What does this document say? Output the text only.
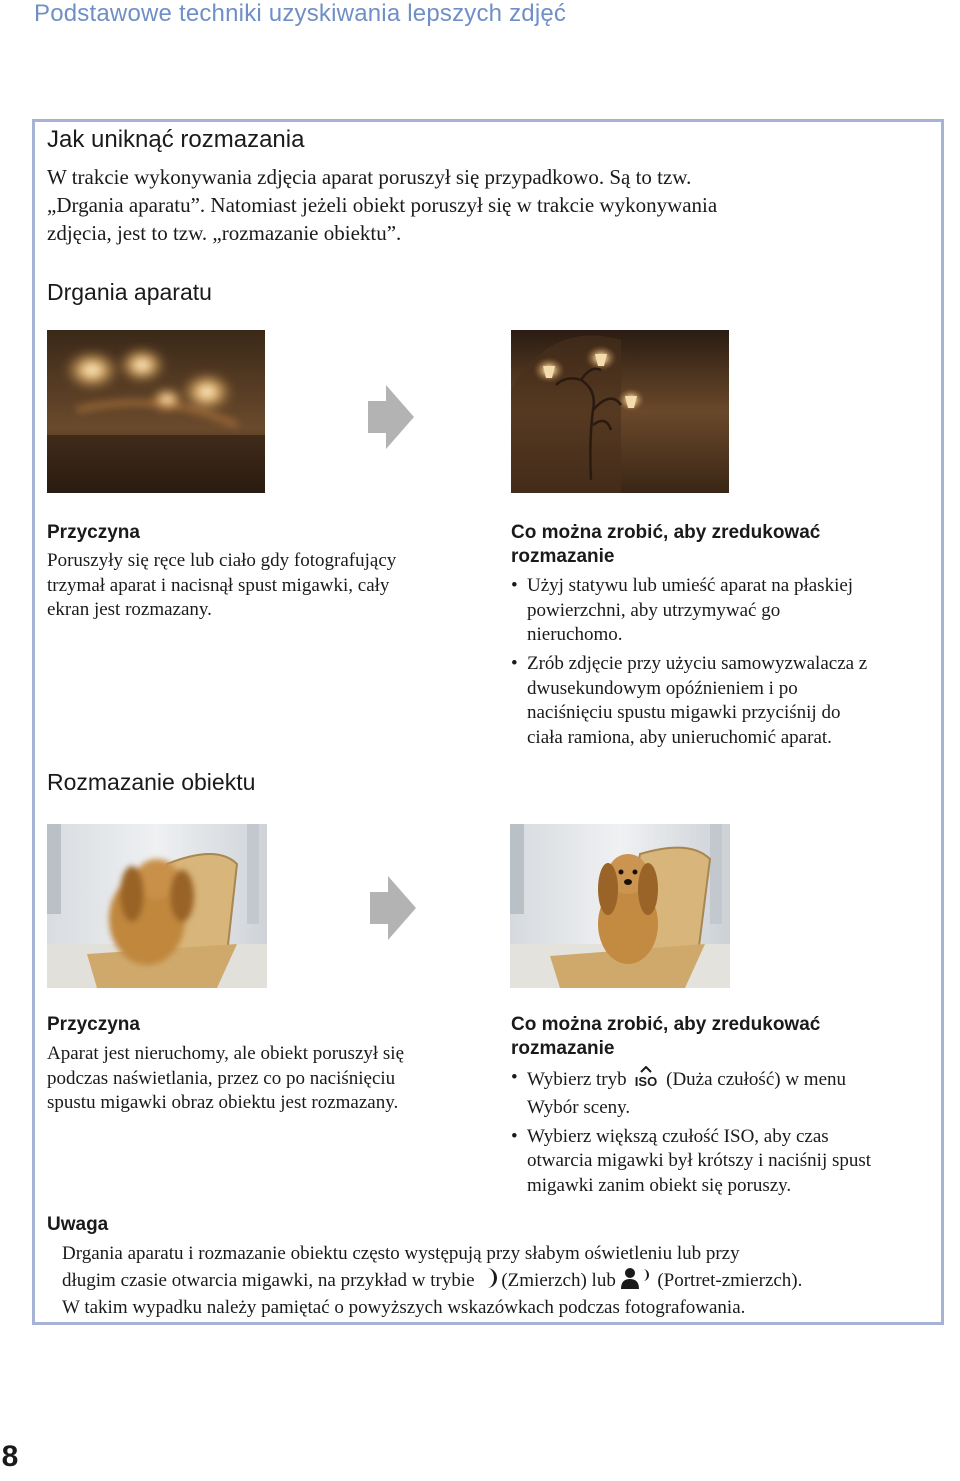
Podstawowe techniki uzyskiwania lepszych zdjęć
Jak uniknąć rozmazania
W trakcie wykonywania zdjęcia aparat poruszył się przypadkowo. Są to tzw.
„Drgania aparatu”. Natomiast jeżeli obiekt poruszył się w trakcie wykonywania
zdjęcia, jest to tzw. „rozmazanie obiektu”.
Drgania aparatu
Przyczyna
Poruszyły się ręce lub ciało gdy fotografujący
trzymał aparat i nacisnął spust migawki, cały
ekran jest rozmazany.
Co można zrobić, aby zredukować
rozmazanie
• Użyj statywu lub umieść aparat na płaskiej
powierzchni, aby utrzymywać go
nieruchomo.
• Zrób zdjęcie przy użyciu samowyzwalacza z
dwusekundowym opóźnieniem i po
naciśnięciu spustu migawki przyciśnij do
ciała ramiona, aby unieruchomić aparat.
Rozmazanie obiektu
Przyczyna
Aparat jest nieruchomy, ale obiekt poruszył się
podczas naświetlania, przez co po naciśnięciu
spustu migawki obraz obiektu jest rozmazany.
Co można zrobić, aby zredukować
rozmazanie
• Wybierz tryb ISO (Duża czułość) w menu
Wybór sceny.
• Wybierz większą czułość ISO, aby czas
otwarcia migawki był krótszy i naciśnij spust
migawki zanim obiekt się poruszy.
Uwaga
Drgania aparatu i rozmazanie obiektu często występują przy słabym oświetleniu lub przy
długim czasie otwarcia migawki, na przykład w trybie (Zmierzch) lub (Portret-zmierzch).
W takim wypadku należy pamiętać o powyższych wskazówkach podczas fotografowania.
8
